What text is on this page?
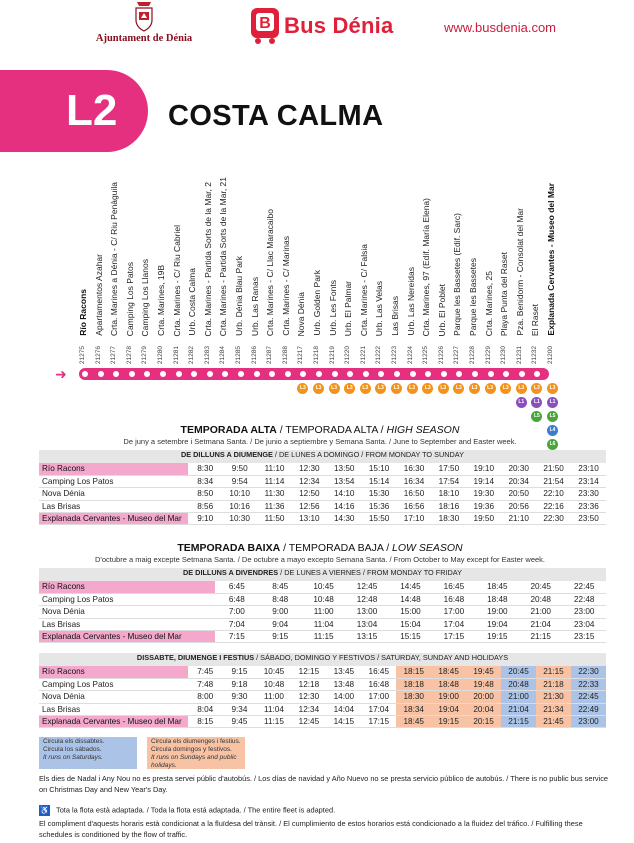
Ajuntament de Dénia
B Bus Dénia	www.busdenia.com
L2 COSTA CALMA
Río Racons
21275
Apartamentos Azahar
21276
Crta. Marines a Dénia - C/ Riu Penàguila
21277
Camping Los Patos
21278
Camping Los Llanos
21279
Crta. Marines, 19B
21280
Crta. Marines - C/ Riu Cabriel
21281
Urb. Costa Calma
21282
Crta. Marines - Partida Sorts de la Mar, 2
21283
Crta. Marines - Partida Sorts de la Mar, 21
21284
Urb. Dénia Blau Park
21285
Urb. Las Ranas
21286
Crta. Marines - C/ Llac Maracaibo
21287
Crta. Marines - C/ Marinas
21288
Nova Dénia
21217
Urb. Golden Park
21218
Urb. Les Fonts
21219
Urb. El Palmar
21220
Crta. Marines - C/ Falsia
21221
Urb. Las Velas
21222
Las Brisas
21223
Urb. Las Nereidas
21224
Crta. Marines, 97 (Edif. María Elena)
21225
Urb. El Poblet
21226
Parque les Bassetes (Edif. Sarc)
21227
Parque les Bassetes
21228
Crta. Marines, 25
21229
Playa Punta del Raset
21230
Pza. Benidorm - Consolat del Mar
21231
El Raset
21232
Explanada Cervantes - Museo del Mar
21200
➜
L3	L3	L3	L3	L3	L3	L3	L3	L3	L3	L3	L3	L3	L3	L3
L1
L3
L1
L5
L3
L1
L5
L4
L6
TEMPORADA ALTA / TEMPORADA ALTA / HIGH SEASON
De juny a setembre i Setmana Santa. / De junio a septiembre y Semana Santa. / June to September and Easter week.
DE DILLUNS A DIUMENGE / DE LUNES A DOMINGO / FROM MONDAY TO SUNDAY
Río Racons	8:30	9:50	11:10	12:30	13:50	15:10	16:30	17:50	19:10	20:30	21:50	23:10
Camping Los Patos	8:34	9:54	11:14	12:34	13:54	15:14	16:34	17:54	19:14	20:34	21:54	23:14
Nova Dénia	8:50	10:10	11:30	12:50	14:10	15:30	16:50	18:10	19:30	20:50	22:10	23:30
Las Brisas	8:56	10:16	11:36	12:56	14:16	15:36	16:56	18:16	19:36	20:56	22:16	23:36
Explanada Cervantes - Museo del Mar	9:10	10:30	11:50	13:10	14:30	15:50	17:10	18:30	19:50	21:10	22:30	23:50
TEMPORADA BAIXA / TEMPORADA BAJA / LOW SEASON
D'octubre a maig excepte Setmana Santa. / De octubre a mayo excepto Semana Santa. / From October to May except for Easter week.
DE DILLUNS A DIVENDRES / DE LUNES A VIERNES / FROM MONDAY TO FRIDAY
Río Racons	6:45	8:45	10:45	12:45	14:45	16:45	18:45	20:45	22:45
Camping Los Patos	6:48	8:48	10:48	12:48	14:48	16:48	18:48	20:48	22:48
Nova Dénia	7:00	9:00	11:00	13:00	15:00	17:00	19:00	21:00	23:00
Las Brisas	7:04	9:04	11:04	13:04	15:04	17:04	19:04	21:04	23:04
Explanada Cervantes - Museo del Mar	7:15	9:15	11:15	13:15	15:15	17:15	19:15	21:15	23:15
DISSABTE, DIUMENGE I FESTIUS / SÁBADO, DOMINGO Y FESTIVOS / SATURDAY, SUNDAY AND HOLIDAYS
Río Racons	7:45	9:15	10:45	12:15	13:45	16:45	18:15	18:45	19:45	20:45	21:15	22:30
Camping Los Patos	7:48	9:18	10:48	12:18	13:48	16:48	18:18	18:48	19:48	20:48	21:18	22:33
Nova Dénia	8:00	9:30	11:00	12:30	14:00	17:00	18:30	19:00	20:00	21:00	21:30	22:45
Las Brisas	8:04	9:34	11:04	12:34	14:04	17:04	18:34	19:04	20:04	21:04	21:34	22:49
Explanada Cervantes - Museo del Mar	8:15	9:45	11:15	12:45	14:15	17:15	18:45	19:15	20:15	21:15	21:45	23:00
Circula els dissabtes.
Circula los sábados.
It runs on Saturdays.
Circula els diumenges i festius.
Circula domingos y festivos.
It runs on Sundays and public holidays.
Els dies de Nadal i Any Nou no es presta servei públic d'autobús. / Los días de navidad y Año Nuevo no se presta servicio público de autobús. / There is no public bus service on Christmas Day and New Year's Day.
♿ Tota la flota està adaptada. / Toda la flota está adaptada. / The entire fleet is adapted.
El compliment d'aquests horaris està condicionat a la fluïdesa del trànsit. / El cumplimiento de estos horarios está condicionado a la fluidez del tráfico. / Fulfilling these schedules is conditioned by the flow of traffic.
